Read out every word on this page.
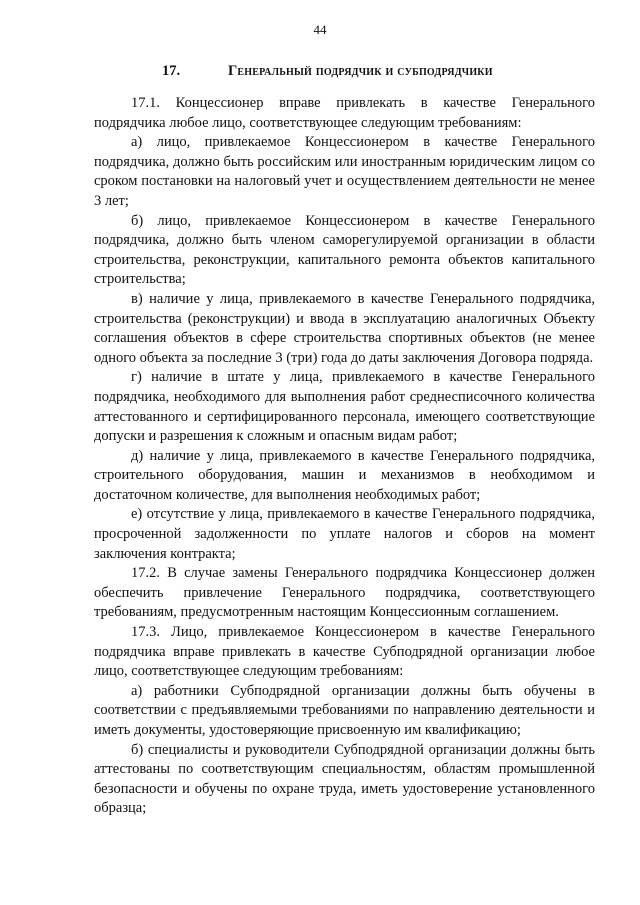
44
17.	Генеральный подрядчик и субподрядчики

17.1. Концессионер вправе привлекать в качестве Генерального подрядчика любое лицо, соответствующее следующим требованиям:

а) лицо, привлекаемое Концессионером в качестве Генерального подрядчика, должно быть российским или иностранным юридическим лицом со сроком постановки на налоговый учет и осуществлением деятельности не менее 3 лет;

б) лицо, привлекаемое Концессионером в качестве Генерального подрядчика, должно быть членом саморегулируемой организации в области строительства, реконструкции, капитального ремонта объектов капитального строительства;

в) наличие у лица, привлекаемого в качестве Генерального подрядчика, строительства (реконструкции) и ввода в эксплуатацию аналогичных Объекту соглашения объектов в сфере строительства спортивных объектов (не менее одного объекта за последние 3 (три) года до даты заключения Договора подряда.

г) наличие в штате у лица, привлекаемого в качестве Генерального подрядчика, необходимого для выполнения работ среднесписочного количества аттестованного и сертифицированного персонала, имеющего соответствующие допуски и разрешения к сложным и опасным видам работ;

д) наличие у лица, привлекаемого в качестве Генерального подрядчика, строительного оборудования, машин и механизмов в необходимом и достаточном количестве, для выполнения необходимых работ;

е) отсутствие у лица, привлекаемого в качестве Генерального подрядчика, просроченной задолженности по уплате налогов и сборов на момент заключения контракта;

17.2. В случае замены Генерального подрядчика Концессионер должен обеспечить привлечение Генерального подрядчика, соответствующего требованиям, предусмотренным настоящим Концессионным соглашением.

17.3. Лицо, привлекаемое Концессионером в качестве Генерального подрядчика вправе привлекать в качестве Субподрядной организации любое лицо, соответствующее следующим требованиям:

а) работники Субподрядной организации должны быть обучены в соответствии с предъявляемыми требованиями по направлению деятельности и иметь документы, удостоверяющие присвоенную им квалификацию;

б) специалисты и руководители Субподрядной организации должны быть аттестованы по соответствующим специальностям, областям промышленной безопасности и обучены по охране труда, иметь удостоверение установленного образца;
